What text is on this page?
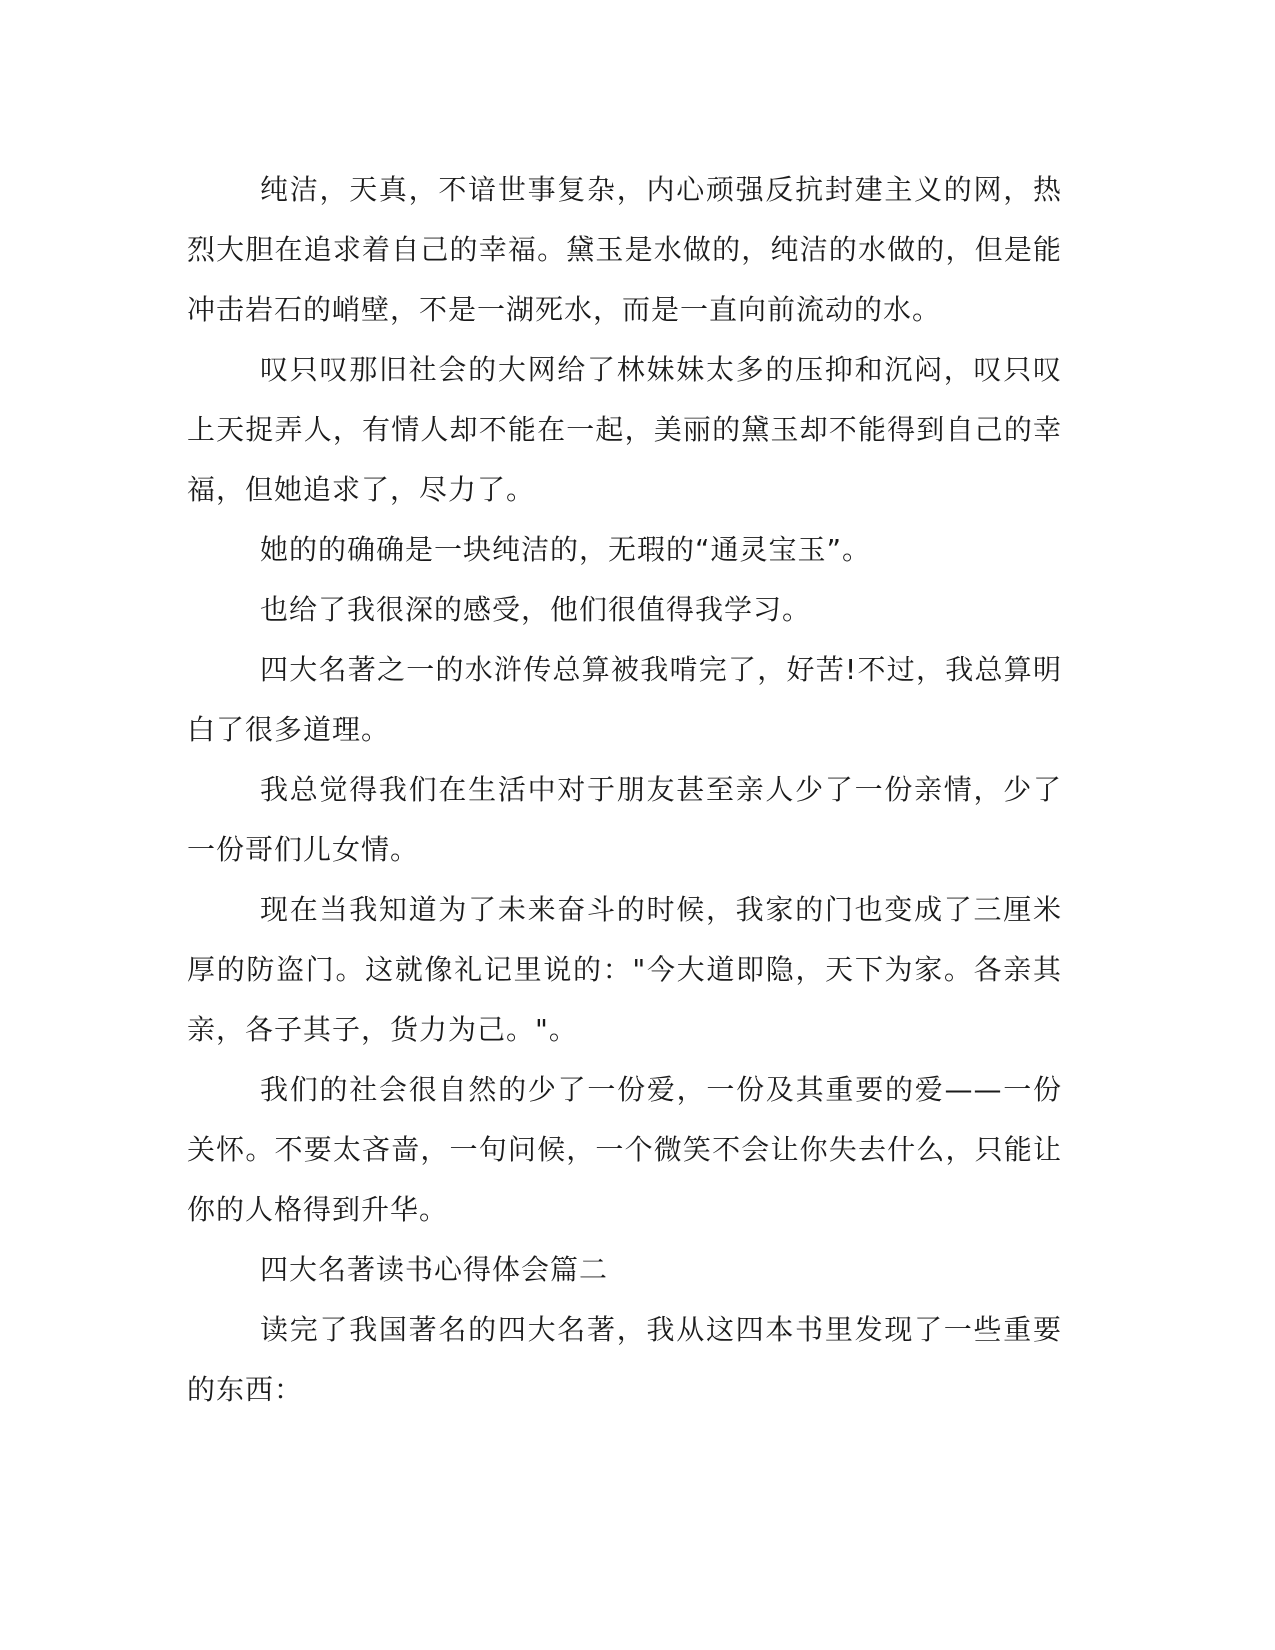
纯洁，天真，不谙世事复杂，内心顽强反抗封建主义的网，热烈大胆在追求着自己的幸福。黛玉是水做的，纯洁的水做的，但是能冲击岩石的峭壁，不是一湖死水，而是一直向前流动的水。

叹只叹那旧社会的大网给了林妹妹太多的压抑和沉闷，叹只叹上天捉弄人，有情人却不能在一起，美丽的黛玉却不能得到自己的幸福，但她追求了，尽力了。

她的的确确是一块纯洁的，无瑕的“通灵宝玉”。

也给了我很深的感受，他们很值得我学习。

四大名著之一的水浒传总算被我啃完了，好苦!不过，我总算明白了很多道理。

我总觉得我们在生活中对于朋友甚至亲人少了一份亲情，少了一份哥们儿女情。

现在当我知道为了未来奋斗的时候，我家的门也变成了三厘米厚的防盗门。这就像礼记里说的："今大道即隐，天下为家。各亲其亲，各子其子，货力为己。"。

我们的社会很自然的少了一份爱，一份及其重要的爱——一份关怀。不要太吝啬，一句问候，一个微笑不会让你失去什么，只能让你的人格得到升华。

四大名著读书心得体会篇二

读完了我国著名的四大名著，我从这四本书里发现了一些重要的东西：
